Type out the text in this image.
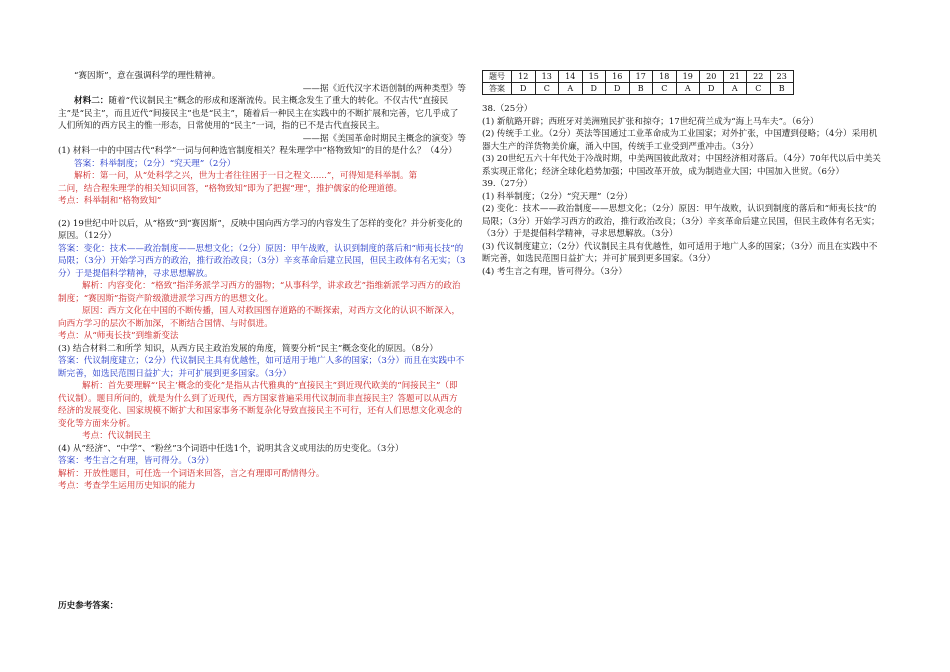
“赛因斯”，意在强调科学的理性精神。

——据《近代汉字术语创制的两种类型》等

材料二：随着“代议制民主”概念的形成和逐渐流传。民主概念发生了重大的转化。不仅古代“直接民主”是“民主”，而且近代“间接民主”也是“民主”，随着后一种民主在实践中的不断扩展和完善，它几乎成了人们所知的西方民主的惟一形态，日常使用的“民主”一词，指的已不是古代直接民主。

——据《美国革命时期民主概念的演变》等

(1) 材料一中的中国古代“科学”一词与何种选官制度相关？程朱理学中“格物致知”的目的是什么？（4分）

答案：科举制度；（2分）“究天理”（2分）

解析：第一问，从“处科学之兴，世为士者往往困于一日之程文......”，可得知是科举制。第

二问，结合程朱理学的相关知识回答，“格物致知”即为了把握“理”，推护儒家的伦理道德。

考点：科举制和“格物致知”

(2) 19世纪中叶以后，从“格致”到“赛因斯”，反映中国向西方学习的内容发生了怎样的变化？并分析变化的原因。（12分）

答案：变化：技术——政治制度——思想文化；（2分）原因：甲午战败，认识到制度的落后和“师夷长技”的局限；（3分）开始学习西方的政治，推行政治改良；（3分）辛亥革命后建立民国，但民主政体有名无实；（3分）于是提倡科学精神，寻求思想解放。

解析：内容变化：“格致”指洋务派学习西方的器物；“从事科学，讲求政艺”指维新派学习西方的政治制度；“赛因斯”指资产阶级激进派学习西方的思想文化。

原因：西方文化在中国的不断传播，国人对救国图存道路的不断探索，对西方文化的认识不断深入，向西方学习的层次不断加深，不断结合国情、与时俱进。

考点：从“师夷长技”到维新变法

(3) 结合材料二和所学 知识，从西方民主政治发展的角度，简要分析“民主”概念变化的原因。（8分）

答案：代议制度建立；（2分）代议制民主具有优越性，如可适用于地广人多的国家；（3分）而且在实践中不断完善，如选民范围日益扩大；并可扩展到更多国家。（3分）

解析：首先要理解“‘民主’概念的变化”是指从古代雅典的“直接民主”到近现代欧美的“间接民主”（即代议制）。题目所问的，就是为什么到了近现代，西方国家普遍采用代议制而非直接民主？答题可以从西方经济的发展变化、国家规模不断扩大和国家事务不断复杂化导致直接民主不可行，还有人们思想文化观念的变化等方面来分析。

考点：代议制民主

(4) 从“经济”、“中学”、“粉丝”3个词语中任选1个，说明其含义或用法的历史变化。（3分）

答案：考生言之有理，皆可得分。（3分）

解析：开放性题目，可任选一个词语来回答，言之有理即可酌情得分。

考点：考查学生运用历史知识的能力

题号	12	13	14	15	16	17	18	19	20	21	22	23
答案	D	C	A	D	D	B	C	A	D	A	C	B

38.（25分）

(1) 新航路开辟；西班牙对美洲殖民扩张和掠夺；17世纪荷兰成为“海上马车夫”。（6分）

(2) 传统手工业。（2分）英法等国通过工业革命成为工业国家；对外扩张，中国遭到侵略；（4分）采用机器大生产的洋货物美价廉，涌入中国，传统手工业受到严重冲击。（3分）

(3) 20世纪五六十年代处于冷战时期，中美两国彼此敌对；中国经济相对落后。（4分）70年代以后中美关系实现正常化；经济全球化趋势加强；中国改革开放，成为制造业大国；中国加入世贸。（6分）

39.（27分）

(1) 科举制度；（2分）“究天理”（2分）

(2) 变化：技术——政治制度——思想文化；（2分）原因：甲午战败，认识到制度的落后和“师夷长技”的局限；（3分）开始学习西方的政治，推行政治改良；（3分）辛亥革命后建立民国，但民主政体有名无实；（3分）于是提倡科学精神，寻求思想解放。（3分）

(3) 代议制度建立；（2分）代议制民主具有优越性，如可适用于地广人多的国家；（3分）而且在实践中不断完善，如选民范围日益扩大；并可扩展到更多国家。（3分）

(4) 考生言之有理，皆可得分。（3分）

历史参考答案：
